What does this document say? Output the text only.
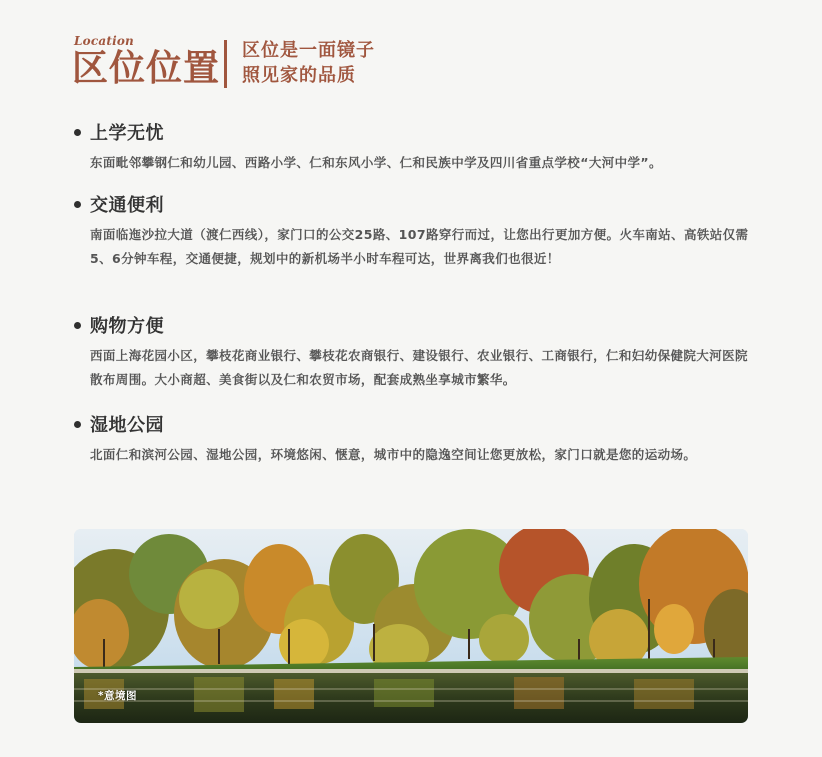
Location
区位位置 区位是一面镜子
照见家的品质
上学无忧
东面毗邻攀钢仁和幼儿园、西路小学、仁和东风小学、仁和民族中学及四川省重点学校“大河中学”。
交通便利
南面临迤沙拉大道（渡仁西线），家门口的公交25路、107路穿行而过，让您出行更加方便。火车南站、高铁站仅需5、6分钟车程，交通便捷，规划中的新机场半小时车程可达，世界离我们也很近！
购物方便
西面上海花园小区，攀枝花商业银行、攀枝花农商银行、建设银行、农业银行、工商银行，仁和妇幼保健院大河医院散布周围。大小商超、美食街以及仁和农贸市场，配套成熟坐享城市繁华。
湿地公园
北面仁和滨河公园、湿地公园，环境悠闲、惬意，城市中的隐逸空间让您更放松，家门口就是您的运动场。
*意境图
